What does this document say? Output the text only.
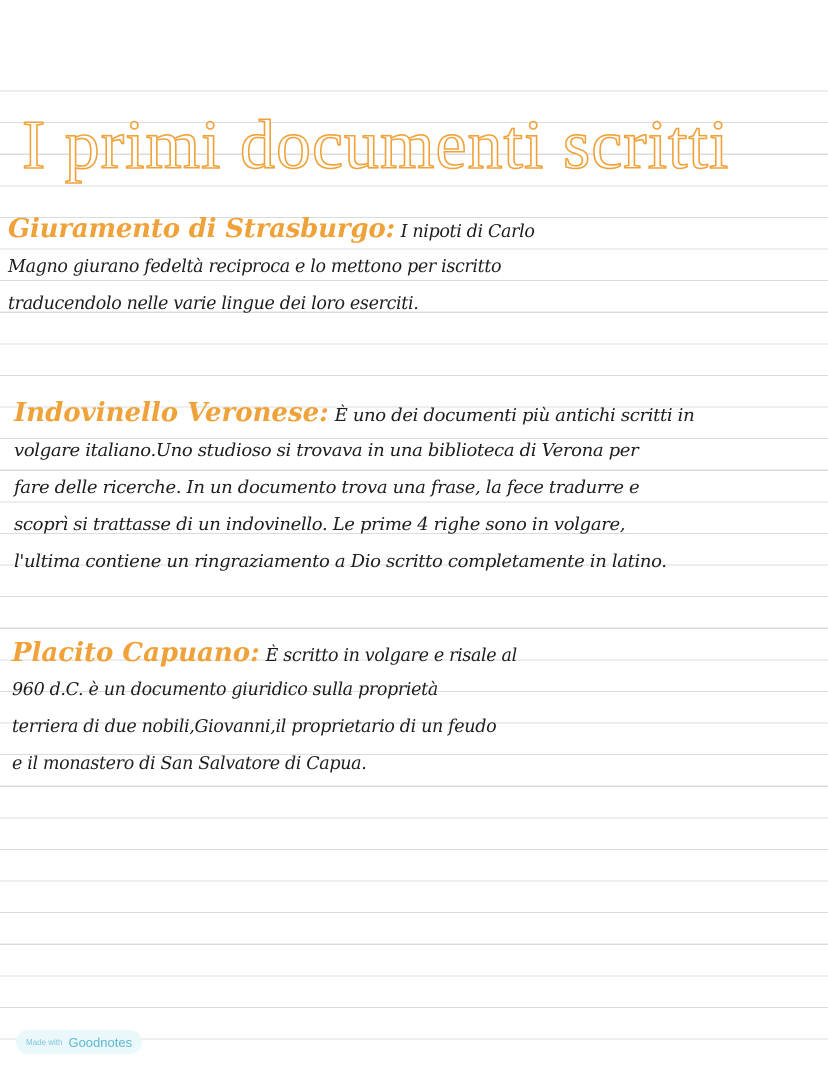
I primi documenti scritti
Giuramento di Strasburgo: I nipoti di Carlo
Magno giurano fedeltà reciproca e lo mettono per iscritto
traducendolo nelle varie lingue dei loro eserciti.
Indovinello Veronese: È uno dei documenti più antichi scritti in
volgare italiano.Uno studioso si trovava in una biblioteca di Verona per
fare delle ricerche. In un documento trova una frase, la fece tradurre e
scoprì si trattasse di un indovinello. Le prime 4 righe sono in volgare,
l'ultima contiene un ringraziamento a Dio scritto completamente in latino.
Placito Capuano: È scritto in volgare e risale al
960 d.C. è un documento giuridico sulla proprietà
terriera di due nobili,Giovanni,il proprietario di un feudo
e il monastero di San Salvatore di Capua.
Made with Goodnotes
